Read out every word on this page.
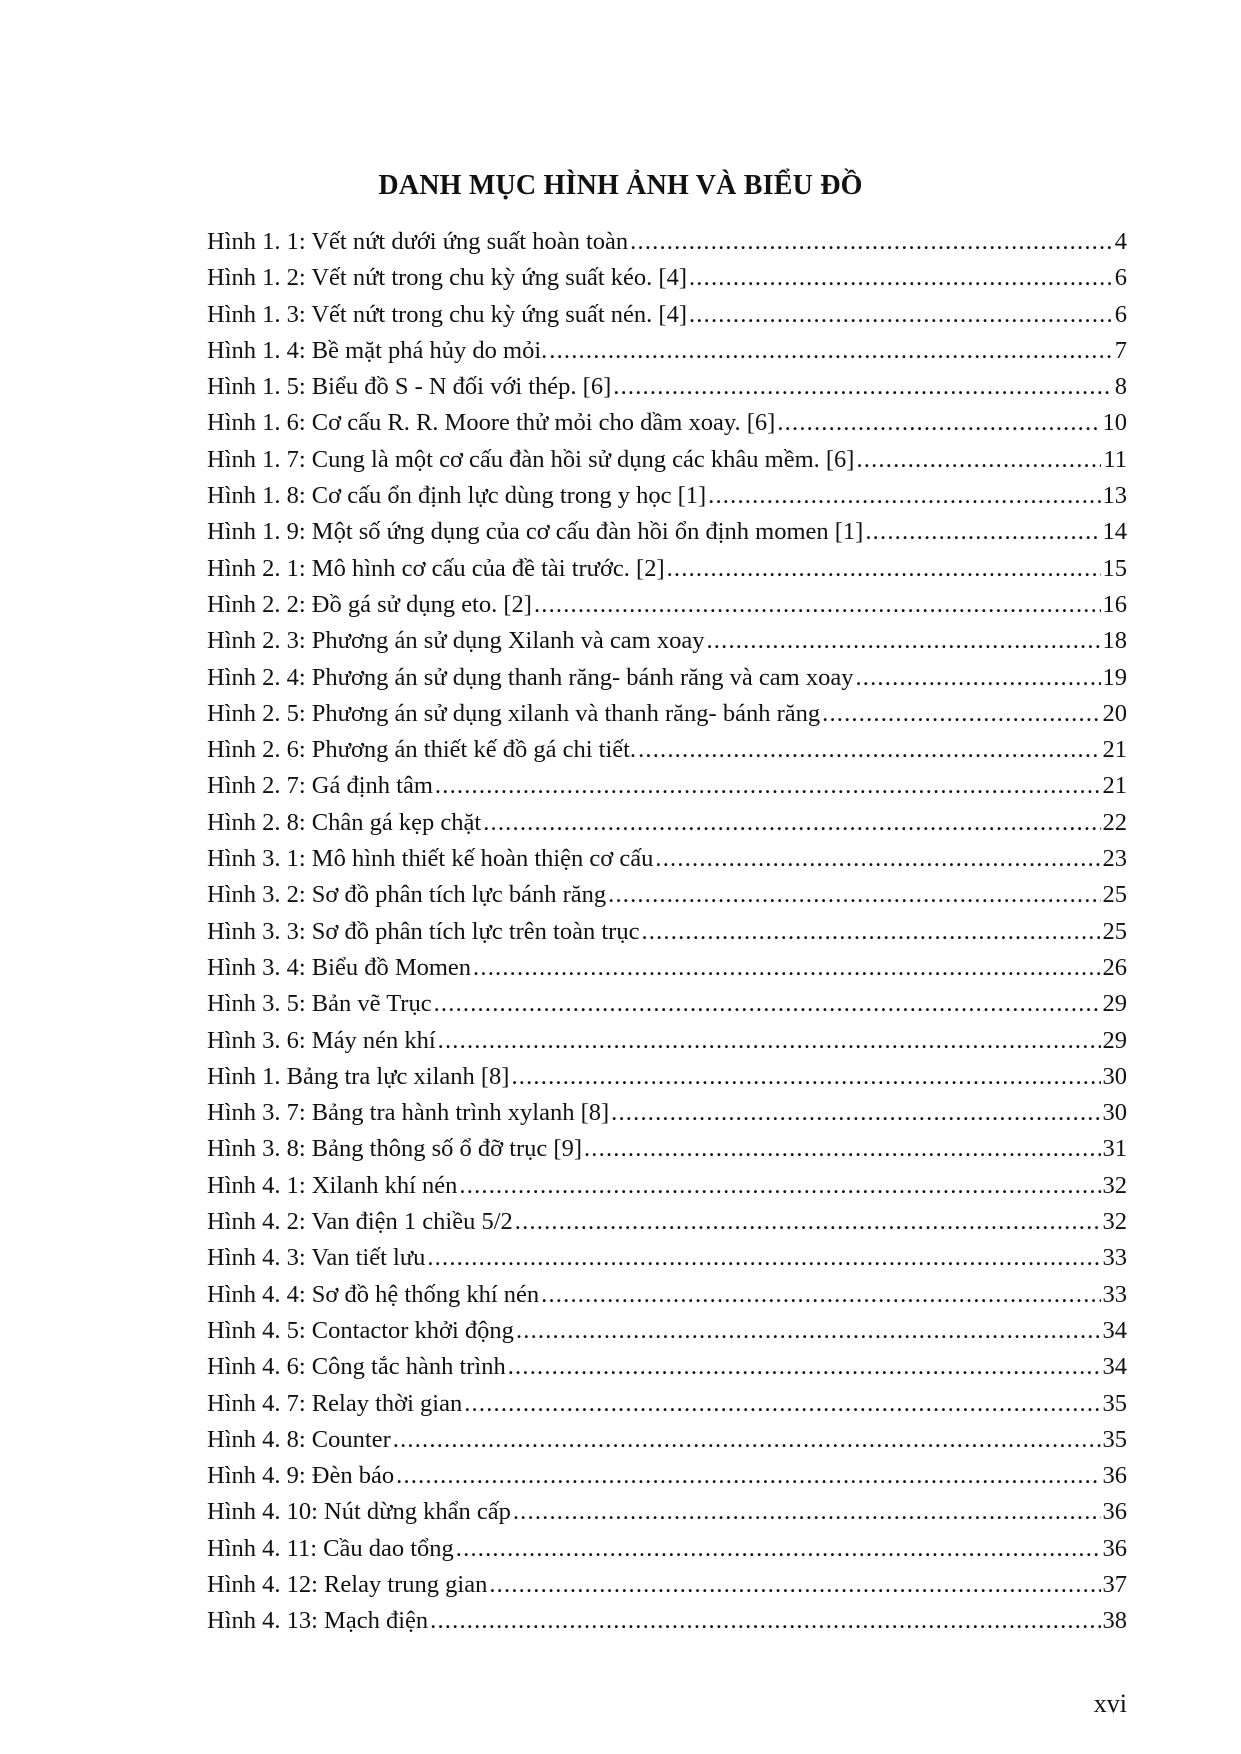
DANH MỤC HÌNH ẢNH VÀ BIỂU ĐỒ
Hình 1. 1: Vết nứt dưới ứng suất hoàn toàn .....	4
Hình 1. 2: Vết nứt trong chu kỳ ứng suất kéo. [4] .....	6
Hình 1. 3: Vết nứt trong chu kỳ ứng suất nén. [4] .....	6
Hình 1. 4: Bề mặt phá hủy do mỏi. .....	7
Hình 1. 5: Biểu đồ S - N đối với thép. [6] .....	8
Hình 1. 6: Cơ cấu R. R. Moore thử mỏi cho dầm xoay. [6] .....	10
Hình 1. 7: Cung là một cơ cấu đàn hồi sử dụng các khâu mềm. [6] .....	11
Hình 1. 8: Cơ cấu ổn định lực dùng trong y học [1] .....	13
Hình 1. 9: Một số ứng dụng của cơ cấu đàn hồi ổn định momen [1] .....	14
Hình 2. 1: Mô hình cơ cấu của đề tài trước. [2] .....	15
Hình 2. 2: Đồ gá sử dụng eto. [2] .....	16
Hình 2. 3: Phương án sử dụng Xilanh và cam xoay .....	18
Hình 2. 4: Phương án sử dụng thanh răng- bánh răng và cam xoay .....	19
Hình 2. 5: Phương án sử dụng xilanh và thanh răng- bánh răng .....	20
Hình 2. 6: Phương án thiết kế đồ gá chi tiết. .....	21
Hình 2. 7: Gá định tâm .....	21
Hình 2. 8: Chân gá kẹp chặt .....	22
Hình 3. 1: Mô hình thiết kế hoàn thiện cơ cấu .....	23
Hình 3. 2: Sơ đồ phân tích lực bánh răng .....	25
Hình 3. 3: Sơ đồ phân tích lực trên toàn trục .....	25
Hình 3. 4: Biểu đồ Momen .....	26
Hình 3. 5: Bản vẽ Trục .....	29
Hình 3. 6: Máy nén khí .....	29
Hình 1. Bảng tra lực xilanh [8] .....	30
Hình 3. 7: Bảng tra hành trình xylanh [8] .....	30
Hình 3. 8: Bảng thông số ổ đỡ trục [9] .....	31
Hình 4. 1: Xilanh khí nén .....	32
Hình 4. 2: Van điện 1 chiều 5/2 .....	32
Hình 4. 3: Van tiết lưu .....	33
Hình 4. 4: Sơ đồ hệ thống khí nén .....	33
Hình 4. 5: Contactor khởi động .....	34
Hình 4. 6: Công tắc hành trình .....	34
Hình 4. 7: Relay thời gian .....	35
Hình 4. 8: Counter .....	35
Hình 4. 9: Đèn báo .....	36
Hình 4. 10: Nút dừng khẩn cấp .....	36
Hình 4. 11: Cầu dao tổng .....	36
Hình 4. 12: Relay trung gian .....	37
Hình 4. 13: Mạch điện .....	38
xvi
